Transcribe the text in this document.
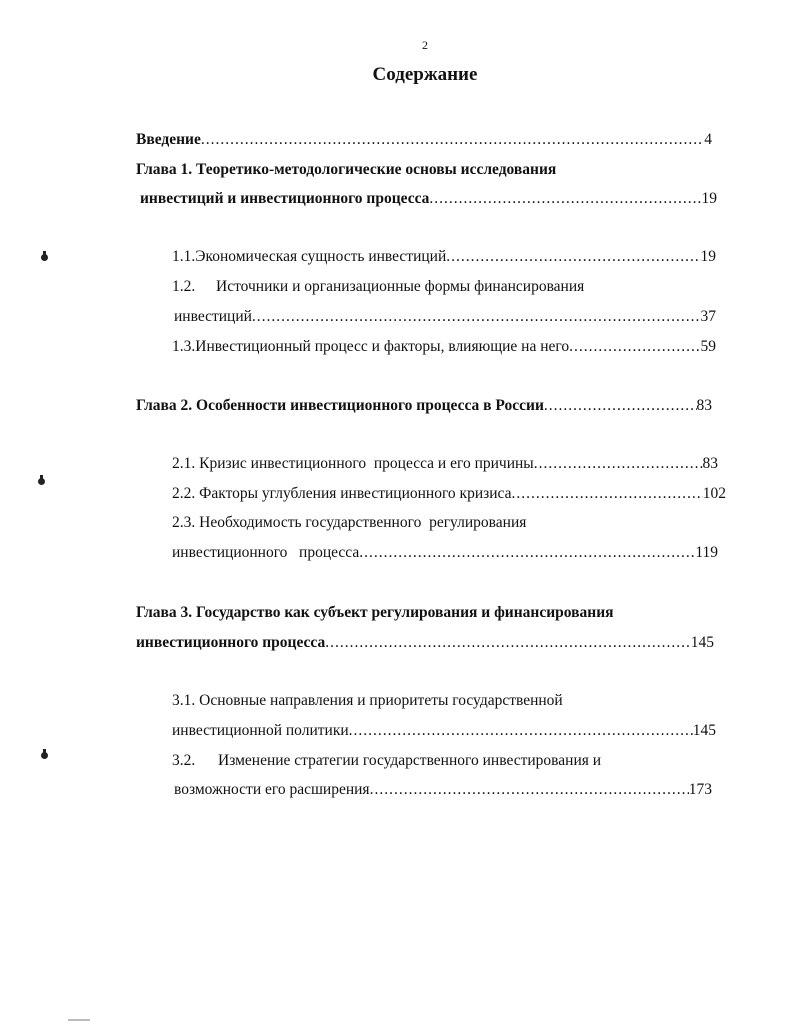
2
Содержание
Введение .....	4
Глава 1. Теоретико-методологические основы исследования
инвестиций и инвестиционного процесса .....	19
1.1. Экономическая сущность инвестиций .....	19
1.2.	Источники и организационные формы финансирования
инвестиций .....	37
1.3. Инвестиционный процесс и факторы, влияющие на него .....	59
Глава 2. Особенности инвестиционного процесса в России .....	83
2.1. Кризис инвестиционного  процесса и его причины .....	83
2.2. Факторы углубления инвестиционного кризиса .....	102
2.3. Необходимость государственного  регулирования
инвестиционного   процесса .....	119
Глава 3. Государство как субъект регулирования и финансирования
инвестиционного процесса .....	145
3.1. Основные направления и приоритеты государственной
инвестиционной политики .....	145
3.2.	Изменение стратегии государственного инвестирования и
возможности его расширения .....	173
